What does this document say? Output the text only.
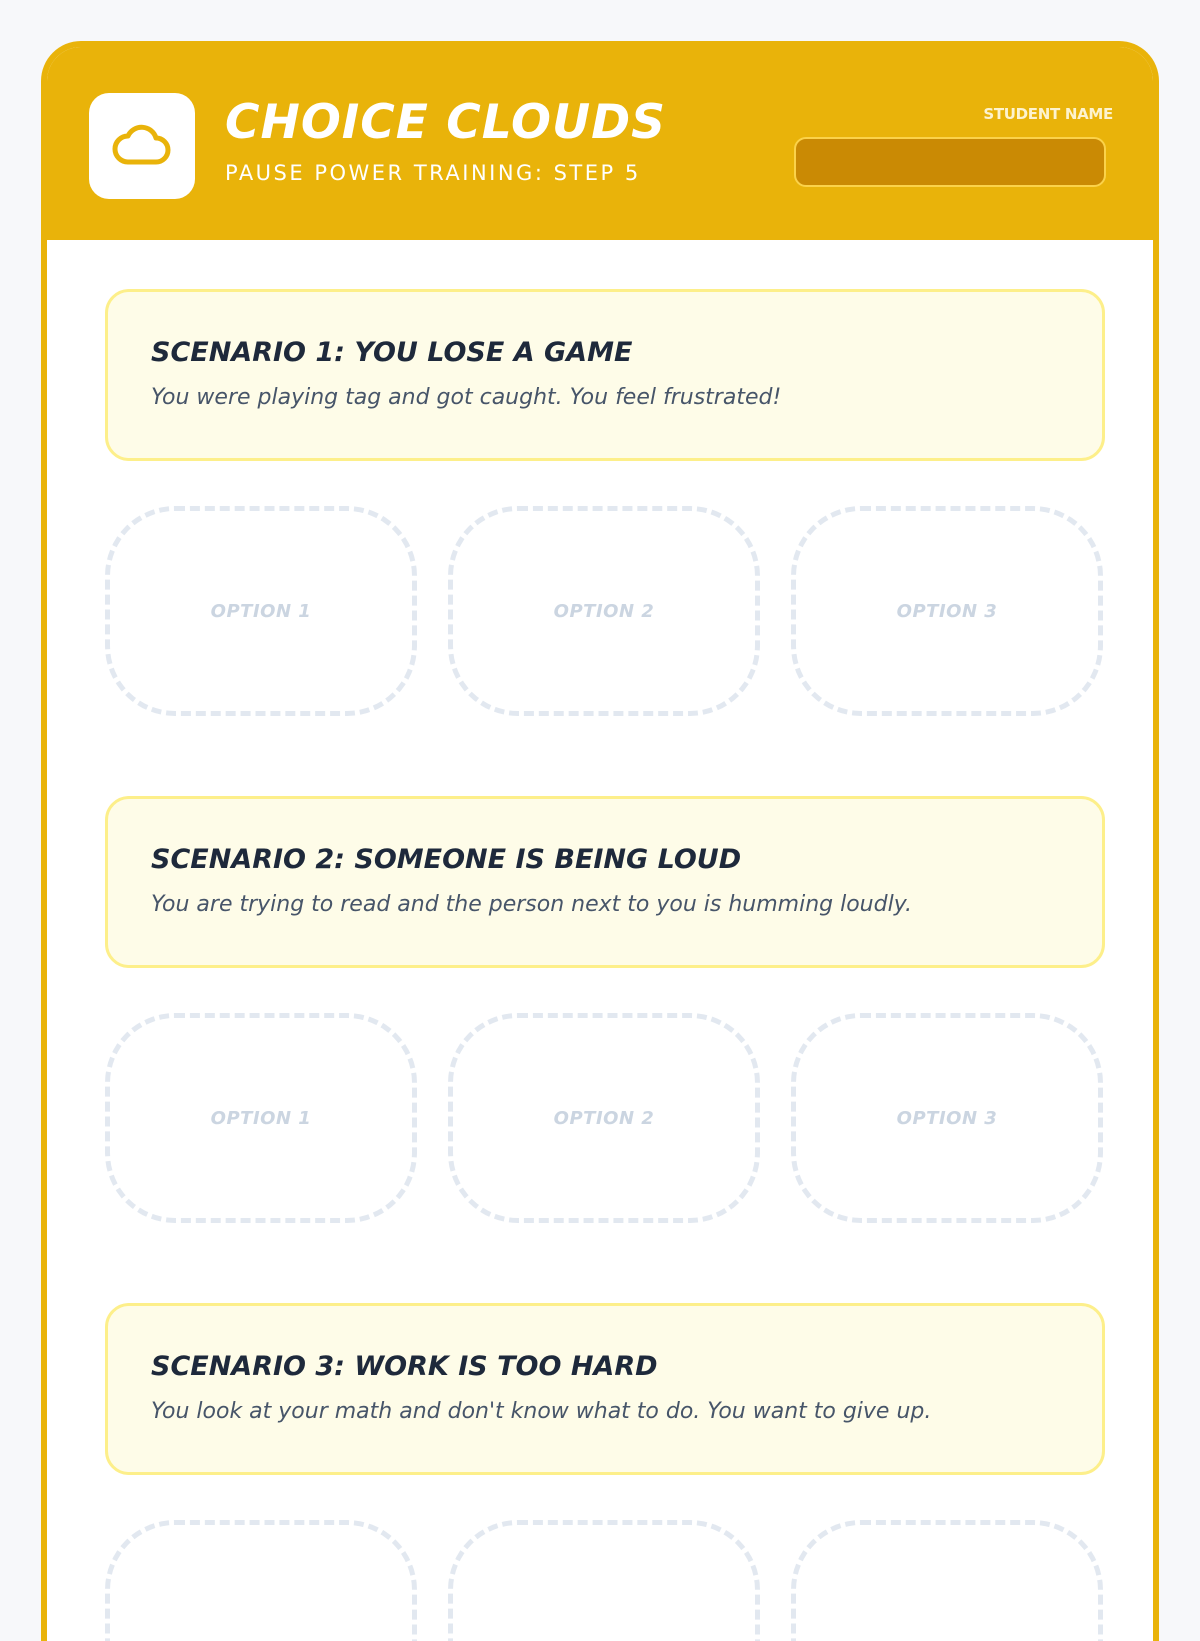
CHOICE CLOUDS
PAUSE POWER TRAINING: STEP 5
STUDENT NAME
SCENARIO 1: YOU LOSE A GAME
You were playing tag and got caught. You feel frustrated!
OPTION 1	OPTION 2	OPTION 3
SCENARIO 2: SOMEONE IS BEING LOUD
You are trying to read and the person next to you is humming loudly.
OPTION 1	OPTION 2	OPTION 3
SCENARIO 3: WORK IS TOO HARD
You look at your math and don't know what to do. You want to give up.
